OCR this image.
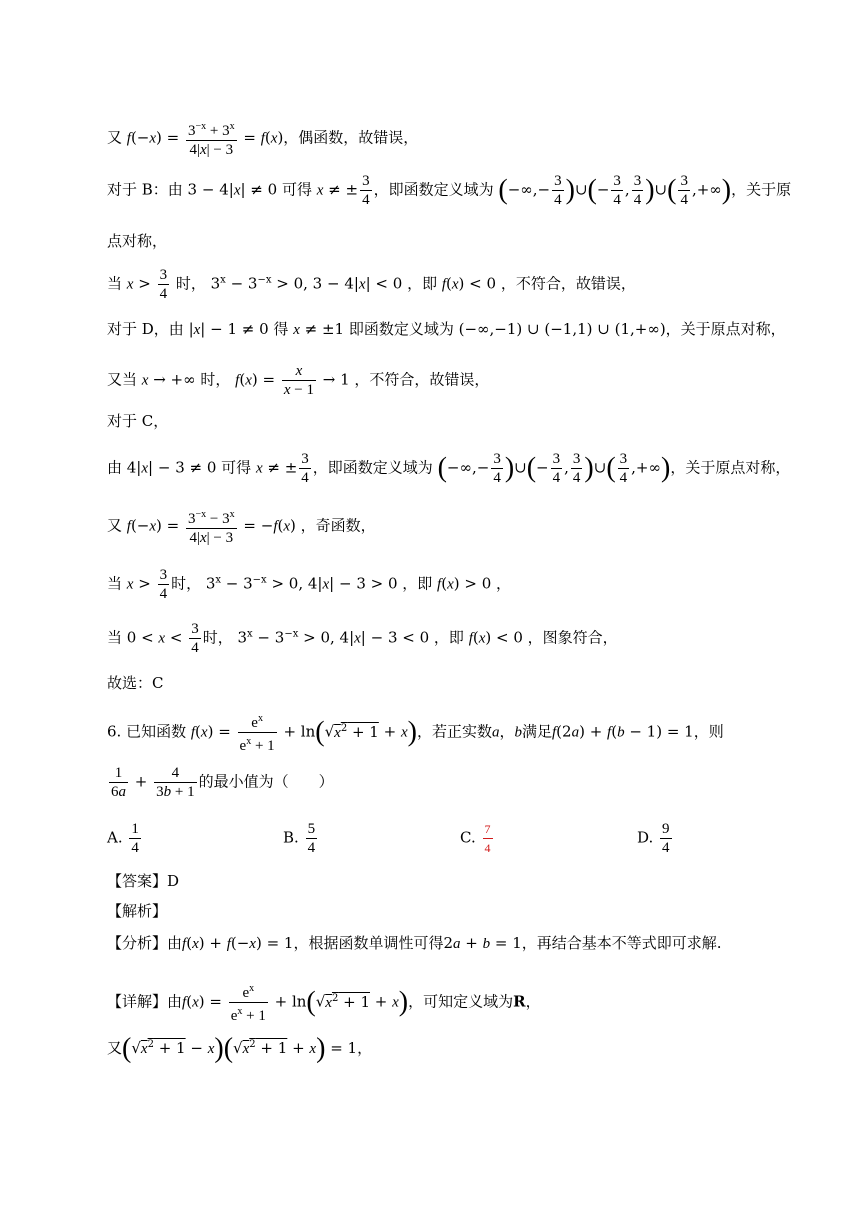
又 $f(-x) = \frac{3^{-x} + 3^x}{4|x| - 3} = f(x)$，偶函数，故错误，
对于 B：由 3 − 4|x| ≠ 0 可得 x ≠ ± $\frac{3}{4}$ ，即函数定义域为 (−∞,− $\frac{3}{4}$ )∪(− $\frac{3}{4}$ , $\frac{3}{4}$ )∪( $\frac{3}{4}$ ,+∞)，关于原
点对称，
当 $x > \frac{3}{4}$ 时， $3^x - 3^{-x} > 0$, 3 − 4|x| < 0 ，即 f(x) < 0 ，不符合，故错误，
对于 D，由 |x| − 1 ≠ 0 得 x ≠ ±1 即函数定义域为 (−∞,−1) ∪ (−1,1) ∪ (1,+∞)，关于原点对称，
又当 x → +∞ 时， $f(x) = \frac{x}{x - 1} \to 1$ ，不符合，故错误，
对于 C，
由 4|x| − 3 ≠ 0 可得 x ≠ ± $\frac{3}{4}$ ，即函数定义域为 (−∞,− $\frac{3}{4}$ )∪(− $\frac{3}{4}$ , $\frac{3}{4}$ )∪( $\frac{3}{4}$ ,+∞)，关于原点对称，
又 $f(-x) = \frac{3^{-x} - 3^x}{4|x| - 3} = -f(x)$ ，奇函数，
当 $x > \frac{3}{4}$ 时， $3^x - 3^{-x} > 0$, 4|x| − 3 > 0 ，即 f(x) > 0 ，
当 $0 < x < \frac{3}{4}$ 时， $3^x - 3^{-x} > 0$, 4|x| − 3 < 0 ，即 f(x) < 0 ，图象符合，
故选：C
6. 已知函数 $f(x) = \frac{e^x}{e^x + 1} + \ln(√x^2 + 1 + x)$，若正实数a，b满足f(2a) + f(b − 1) = 1，则
$\frac{1}{6a} + \frac{4}{3b + 1}$ 的最小值为（　　）
A. $\frac{1}{4}$	B. $\frac{5}{4}$	C. $\frac{7}{4}$	D. $\frac{9}{4}$
【答案】D
【解析】
【分析】由f(x) + f(−x) = 1，根据函数单调性可得2a + b = 1，再结合基本不等式即可求解.
【详解】由$f(x) = \frac{e^x}{e^x + 1} + \ln(√x^2 + 1 + x)$，可知定义域为R，
又$(√x^2 + 1 - x)(√x^2 + 1 + x) = 1$，
